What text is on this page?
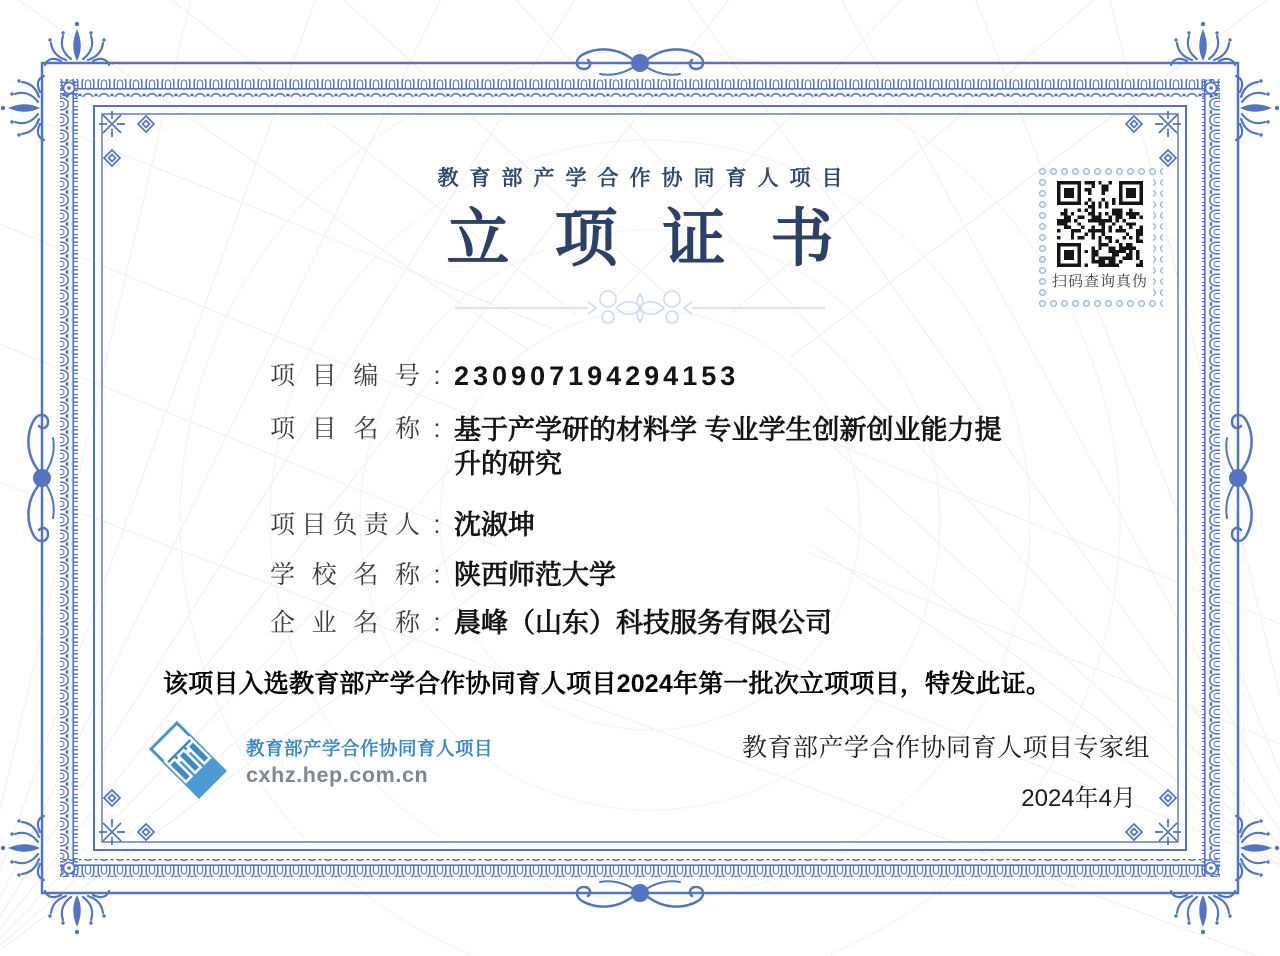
教育部产学合作协同育人项目
立项证书
扫码查询真伪
项目编号 : 230907194294153
项目名称 : 基于产学研的材料学 专业学生创新创业能力提升的研究
项目负责人 : 沈淑坤
学校名称 : 陕西师范大学
企业名称 : 晨峰（山东）科技服务有限公司
该项目入选教育部产学合作协同育人项目2024年第一批次立项项目，特发此证。
教育部产学合作协同育人项目
cxhz.hep.com.cn
教育部产学合作协同育人项目专家组
2024年4月
